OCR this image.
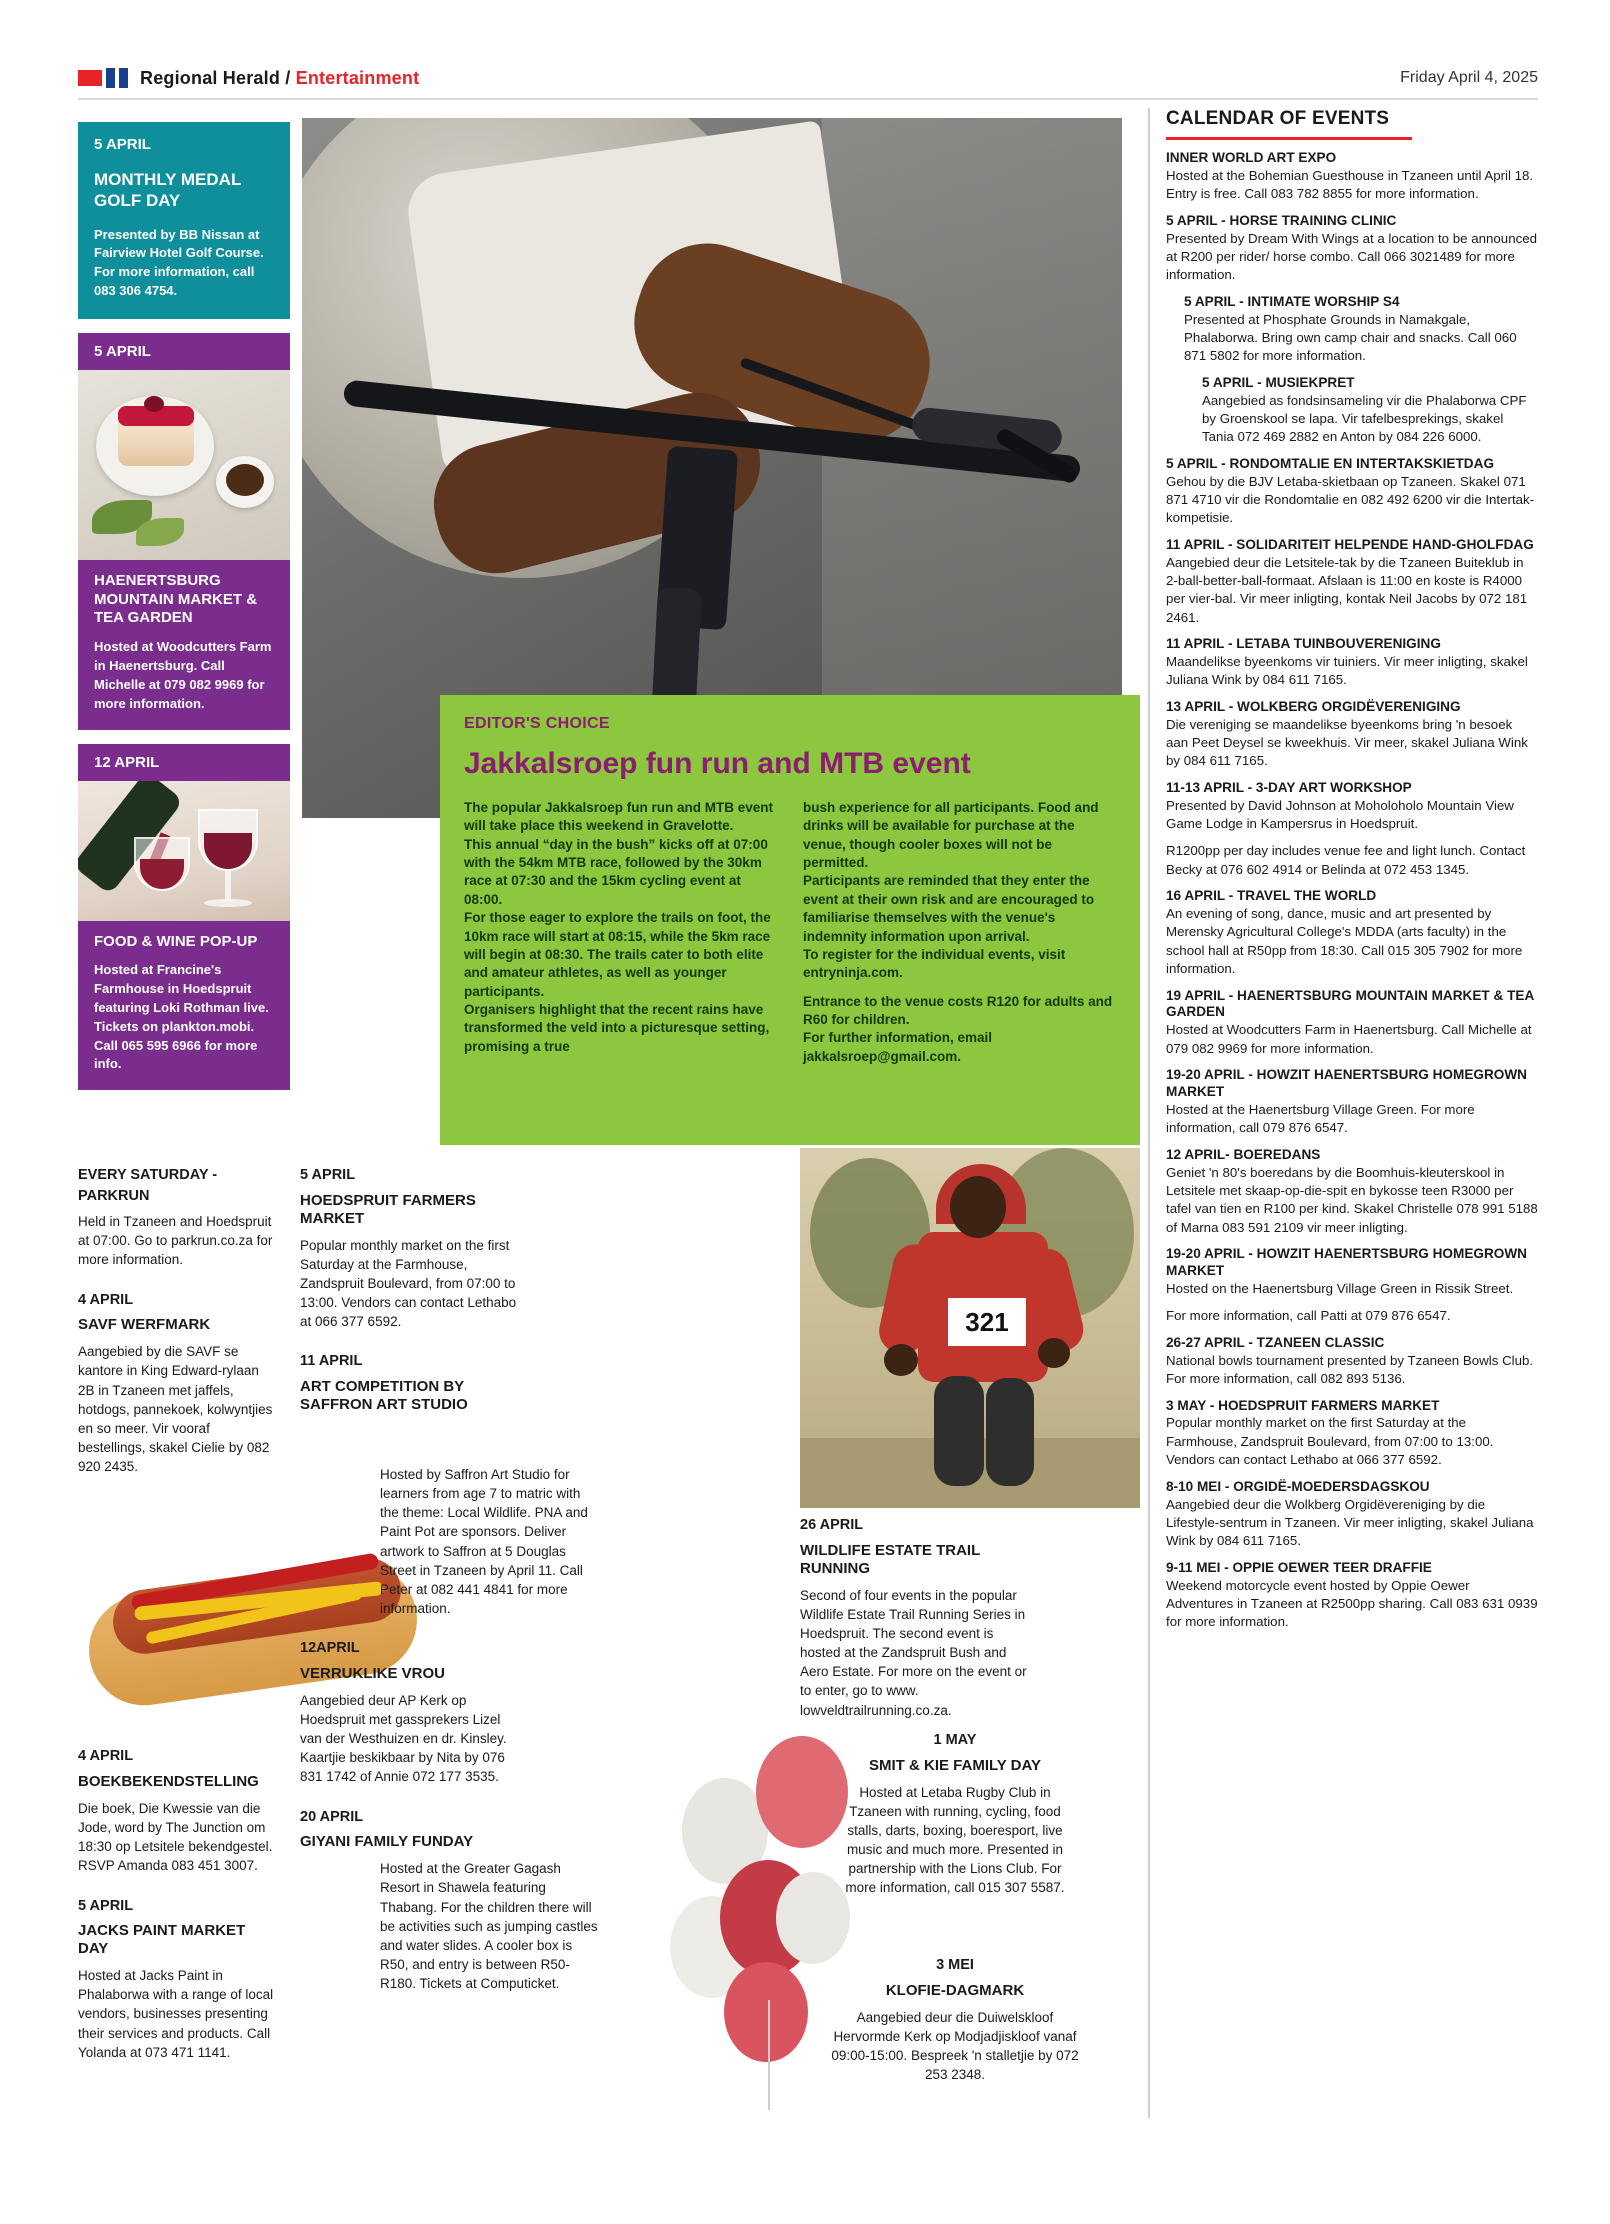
Regional Herald / Entertainment	Friday April 4, 2025
5 APRIL
MONTHLY MEDAL GOLF DAY
Presented by BB Nissan at Fairview Hotel Golf Course. For more information, call 083 306 4754.
5 APRIL
HAENERTSBURG MOUNTAIN MARKET & TEA GARDEN
Hosted at Woodcutters Farm in Haenertsburg. Call Michelle at 079 082 9969 for more information.
12 APRIL
FOOD & WINE POP-UP
Hosted at Francine's Farmhouse in Hoedspruit featuring Loki Rothman live. Tickets on plankton.mobi. Call 065 595 6966 for more info.
EDITOR'S CHOICE
Jakkalsroep fun run and MTB event

The popular Jakkalsroep fun run and MTB event will take place this weekend in Gravelotte.

This annual “day in the bush” kicks off at 07:00 with the 54km MTB race, followed by the 30km race at 07:30 and the 15km cycling event at 08:00.

For those eager to explore the trails on foot, the 10km race will start at 08:15, while the 5km race will begin at 08:30. The trails cater to both elite and amateur athletes, as well as younger participants.

Organisers highlight that the recent rains have transformed the veld into a picturesque setting, promising a true

bush experience for all participants. Food and drinks will be available for purchase at the venue, though cooler boxes will not be permitted.

Participants are reminded that they enter the event at their own risk and are encouraged to familiarise themselves with the venue's indemnity information upon arrival.

To register for the individual events, visit entryninja.com.

Entrance to the venue costs R120 for adults and R60 for children.

For further information, email jakkalsroep@gmail.com.

321

EVERY SATURDAY - PARKRUN

Held in Tzaneen and Hoedspruit at 07:00. Go to parkrun.co.za for more information.

4 APRIL

SAVF WERFMARK

Aangebied by die SAVF se kantore in King Edward-rylaan 2B in Tzaneen met jaffels, hotdogs, pannekoek, kolwyntjies en so meer. Vir vooraf bestellings, skakel Cielie by 082 920 2435.

4 APRIL

BOEKBEKENDSTELLING

Die boek, Die Kwessie van die Jode, word by The Junction om 18:30 op Letsitele bekendgestel. RSVP Amanda 083 451 3007.

5 APRIL

JACKS PAINT MARKET DAY

Hosted at Jacks Paint in Phalaborwa with a range of local vendors, businesses presenting their services and products. Call Yolanda at 073 471 1141.

5 APRIL

HOEDSPRUIT FARMERS MARKET

Popular monthly market on the first Saturday at the Farmhouse, Zandspruit Boulevard, from 07:00 to 13:00. Vendors can contact Lethabo at 066 377 6592.

11 APRIL

ART COMPETITION BY SAFFRON ART STUDIO

Hosted by Saffron Art Studio for learners from age 7 to matric with the theme: Local Wildlife. PNA and Paint Pot are sponsors. Deliver artwork to Saffron at 5 Douglas Street in Tzaneen by April 11. Call Peter at 082 441 4841 for more information.

12APRIL

VERRUKLIKE VROU

Aangebied deur AP Kerk op Hoedspruit met gassprekers Lizel van der Westhuizen en dr. Kinsley. Kaartjie beskikbaar by Nita by 076 831 1742 of Annie 072 177 3535.

20 APRIL

GIYANI FAMILY FUNDAY

Hosted at the Greater Gagash Resort in Shawela featuring Thabang. For the children there will be activities such as jumping castles and water slides. A cooler box is R50, and entry is between R50-R180. Tickets at Computicket.

26 APRIL

WILDLIFE ESTATE TRAIL RUNNING

Second of four events in the popular Wildlife Estate Trail Running Series in Hoedspruit. The second event is hosted at the Zandspruit Bush and Aero Estate. For more on the event or to enter, go to www. lowveldtrailrunning.co.za.

1 MAY

SMIT & KIE FAMILY DAY

Hosted at Letaba Rugby Club in Tzaneen with running, cycling, food stalls, darts, boxing, boeresport, live music and much more. Presented in partnership with the Lions Club. For more information, call 015 307 5587.

3 MEI

KLOFIE-DAGMARK

Aangebied deur die Duiwelskloof Hervormde Kerk op Modjadjiskloof vanaf 09:00-15:00. Bespreek 'n stalletjie by 072 253 2348.

CALENDAR OF EVENTS
INNER WORLD ART EXPO
Hosted at the Bohemian Guesthouse in Tzaneen until April 18. Entry is free. Call 083 782 8855 for more information.
5 APRIL - HORSE TRAINING CLINIC
Presented by Dream With Wings at a location to be announced at R200 per rider/ horse combo. Call 066 3021489 for more information.
5 APRIL - INTIMATE WORSHIP S4
Presented at Phosphate Grounds in Namakgale, Phalaborwa. Bring own camp chair and snacks. Call 060 871 5802 for more information.
5 APRIL - MUSIEKPRET
Aangebied as fondsinsameling vir die Phalaborwa CPF by Groenskool se lapa. Vir tafelbesprekings, skakel Tania 072 469 2882 en Anton by 084 226 6000.
5 APRIL - RONDOMTALIE EN INTERTAKSKIETDAG
Gehou by die BJV Letaba-skietbaan op Tzaneen. Skakel 071 871 4710 vir die Rondomtalie en 082 492 6200 vir die Intertak-kompetisie.
11 APRIL - SOLIDARITEIT HELPENDE HAND-GHOLFDAG
Aangebied deur die Letsitele-tak by die Tzaneen Buiteklub in 2-ball-better-ball-formaat. Afslaan is 11:00 en koste is R4000 per vier-bal. Vir meer inligting, kontak Neil Jacobs by 072 181 2461.
11 APRIL - LETABA TUINBOUVERENIGING
Maandelikse byeenkoms vir tuiniers. Vir meer inligting, skakel Juliana Wink by 084 611 7165.
13 APRIL - WOLKBERG ORGIDËVERENIGING
Die vereniging se maandelikse byeenkoms bring 'n besoek aan Peet Deysel se kweekhuis. Vir meer, skakel Juliana Wink by 084 611 7165.
11-13 APRIL - 3-DAY ART WORKSHOP
Presented by David Johnson at Moholoholo Mountain View Game Lodge in Kampersrus in Hoedspruit.
R1200pp per day includes venue fee and light lunch. Contact Becky at 076 602 4914 or Belinda at 072 453 1345.
16 APRIL - TRAVEL THE WORLD
An evening of song, dance, music and art presented by Merensky Agricultural College's MDDA (arts faculty) in the school hall at R50pp from 18:30. Call 015 305 7902 for more information.
19 APRIL - HAENERTSBURG MOUNTAIN MARKET & TEA GARDEN
Hosted at Woodcutters Farm in Haenertsburg. Call Michelle at 079 082 9969 for more information.
19-20 APRIL - HOWZIT HAENERTSBURG HOMEGROWN MARKET
Hosted at the Haenertsburg Village Green. For more information, call 079 876 6547.
12 APRIL- BOEREDANS
Geniet 'n 80's boeredans by die Boomhuis-kleuterskool in Letsitele met skaap-op-die-spit en bykosse teen R3000 per tafel van tien en R100 per kind. Skakel Christelle 078 991 5188 of Marna 083 591 2109 vir meer inligting.
19-20 APRIL - HOWZIT HAENERTSBURG HOMEGROWN MARKET
Hosted on the Haenertsburg Village Green in Rissik Street.
For more information, call Patti at 079 876 6547.
26-27 APRIL - TZANEEN CLASSIC
National bowls tournament presented by Tzaneen Bowls Club. For more information, call 082 893 5136.
3 MAY - HOEDSPRUIT FARMERS MARKET
Popular monthly market on the first Saturday at the Farmhouse, Zandspruit Boulevard, from 07:00 to 13:00. Vendors can contact Lethabo at 066 377 6592.
8-10 MEI - ORGIDË-MOEDERSDAGSKOU
Aangebied deur die Wolkberg Orgidëvereniging by die Lifestyle-sentrum in Tzaneen. Vir meer inligting, skakel Juliana Wink by 084 611 7165.
9-11 MEI - OPPIE OEWER TEER DRAFFIE
Weekend motorcycle event hosted by Oppie Oewer Adventures in Tzaneen at R2500pp sharing. Call 083 631 0939 for more information.
